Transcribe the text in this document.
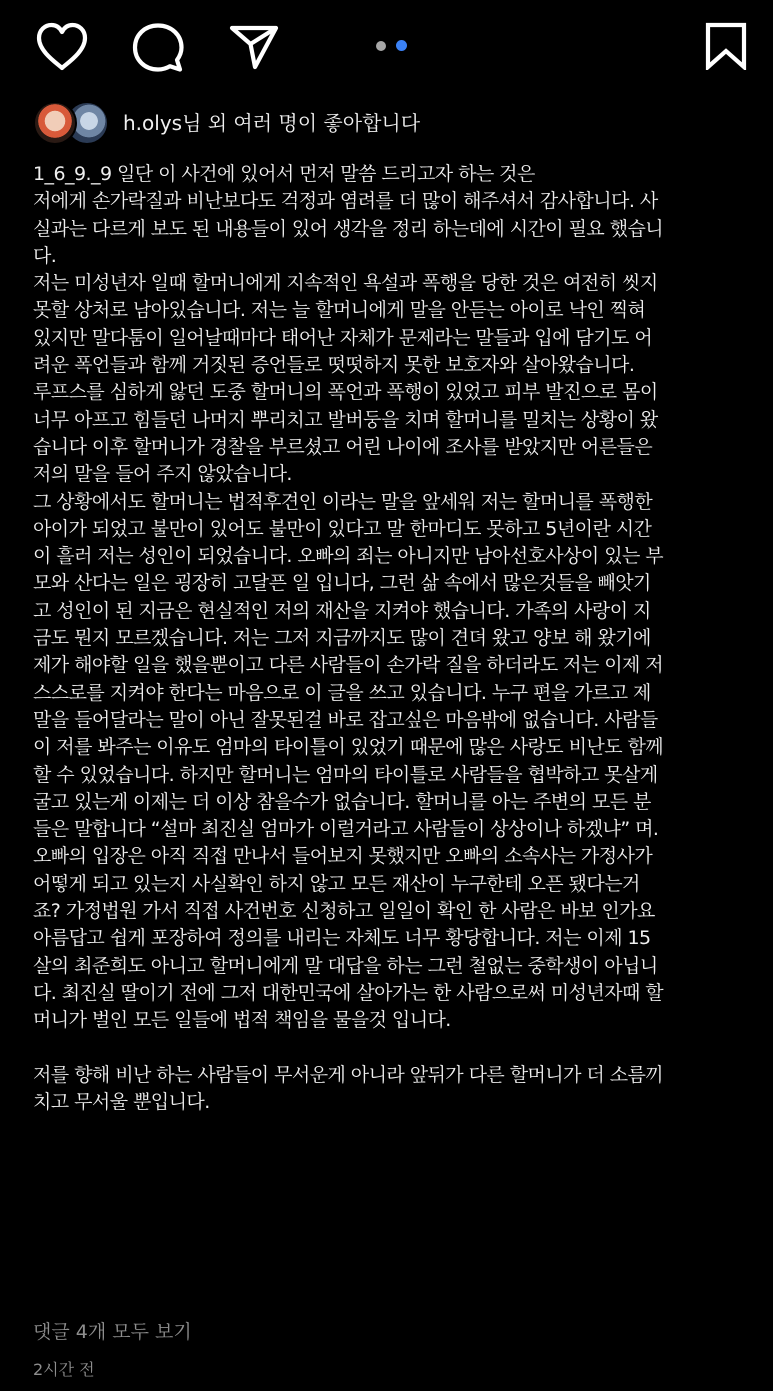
h.olys님 외 여러 명이 좋아합니다
1_6_9._9 일단 이 사건에 있어서 먼저 말씀 드리고자 하는 것은
저에게 손가락질과 비난보다도 걱정과 염려를 더 많이 해주셔서 감사합니다. 사
실과는 다르게 보도 된 내용들이 있어 생각을 정리 하는데에 시간이 필요 했습니
다.
저는 미성년자 일때 할머니에게 지속적인 욕설과 폭행을 당한 것은 여전히 씻지
못할 상처로 남아있습니다. 저는 늘 할머니에게 말을 안듣는 아이로 낙인 찍혀
있지만 말다툼이 일어날때마다 태어난 자체가 문제라는 말들과 입에 담기도 어
려운 폭언들과 함께 거짓된 증언들로 떳떳하지 못한 보호자와 살아왔습니다.
루프스를 심하게 앓던 도중 할머니의 폭언과 폭행이 있었고 피부 발진으로 몸이
너무 아프고 힘들던 나머지 뿌리치고 발버둥을 치며 할머니를 밀치는 상황이 왔
습니다 이후 할머니가 경찰을 부르셨고 어린 나이에 조사를 받았지만 어른들은
저의 말을 들어 주지 않았습니다.
그 상황에서도 할머니는 법적후견인 이라는 말을 앞세워 저는 할머니를 폭행한
아이가 되었고 불만이 있어도 불만이 있다고 말 한마디도 못하고 5년이란 시간
이 흘러 저는 성인이 되었습니다. 오빠의 죄는 아니지만 남아선호사상이 있는 부
모와 산다는 일은 굉장히 고달픈 일 입니다, 그런 삶 속에서 많은것들을 빼앗기
고 성인이 된 지금은 현실적인 저의 재산을 지켜야 했습니다. 가족의 사랑이 지
금도 뭔지 모르겠습니다. 저는 그저 지금까지도 많이 견뎌 왔고 양보 해 왔기에
제가 해야할 일을 했을뿐이고 다른 사람들이 손가락 질을 하더라도 저는 이제 저
스스로를 지켜야 한다는 마음으로 이 글을 쓰고 있습니다. 누구 편을 가르고 제
말을 들어달라는 말이 아닌 잘못된걸 바로 잡고싶은 마음밖에 없습니다. 사람들
이 저를 봐주는 이유도 엄마의 타이틀이 있었기 때문에 많은 사랑도 비난도 함께
할 수 있었습니다. 하지만 할머니는 엄마의 타이틀로 사람들을 협박하고 못살게
굴고 있는게 이제는 더 이상 참을수가 없습니다. 할머니를 아는 주변의 모든 분
들은 말합니다 “설마 최진실 엄마가 이럴거라고 사람들이 상상이나 하겠냐” 며.
오빠의 입장은 아직 직접 만나서 들어보지 못했지만 오빠의 소속사는 가정사가
어떻게 되고 있는지 사실확인 하지 않고 모든 재산이 누구한테 오픈 됐다는거
죠? 가정법원 가서 직접 사건번호 신청하고 일일이 확인 한 사람은 바보 인가요
아름답고 쉽게 포장하여 정의를 내리는 자체도 너무 황당합니다. 저는 이제 15
살의 최준희도 아니고 할머니에게 말 대답을 하는 그런 철없는 중학생이 아닙니
다. 최진실 딸이기 전에 그저 대한민국에 살아가는 한 사람으로써 미성년자때 할
머니가 벌인 모든 일들에 법적 책임을 물을것 입니다.
저를 향해 비난 하는 사람들이 무서운게 아니라 앞뒤가 다른 할머니가 더 소름끼
치고 무서울 뿐입니다.
댓글 4개 모두 보기
2시간 전
